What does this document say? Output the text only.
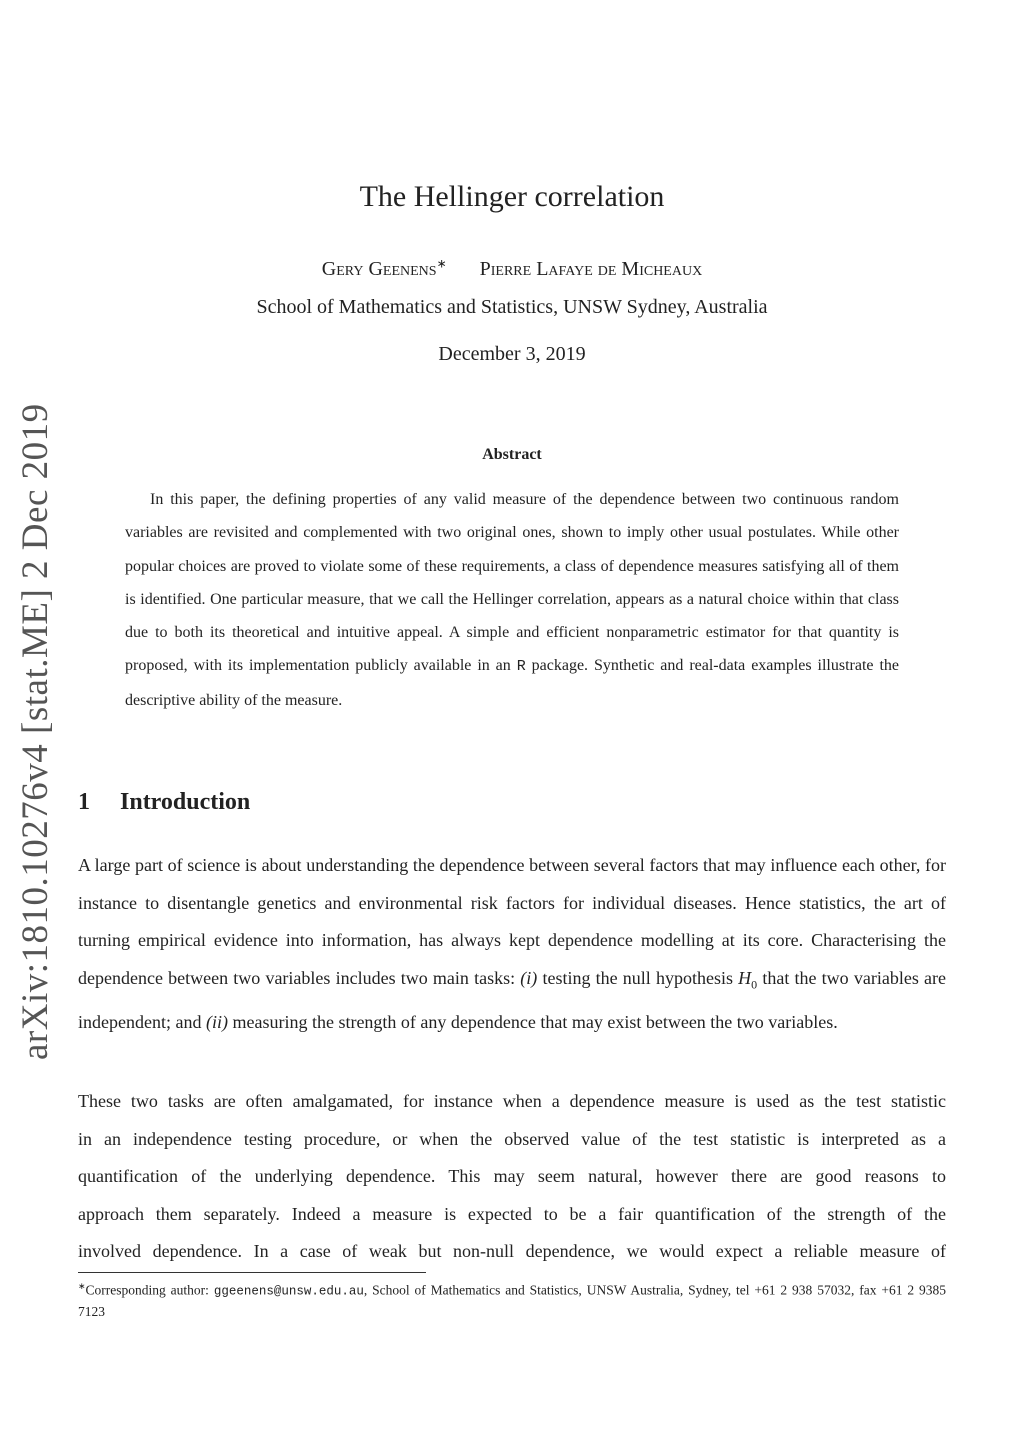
arXiv:1810.10276v4 [stat.ME] 2 Dec 2019
The Hellinger correlation
Gery Geenens∗ Pierre Lafaye de Micheaux
School of Mathematics and Statistics, UNSW Sydney, Australia
December 3, 2019
Abstract
In this paper, the defining properties of any valid measure of the dependence between two continuous random variables are revisited and complemented with two original ones, shown to imply other usual postulates. While other popular choices are proved to violate some of these requirements, a class of dependence measures satisfying all of them is identified. One particular measure, that we call the Hellinger correlation, appears as a natural choice within that class due to both its theoretical and intuitive appeal. A simple and efficient nonparametric estimator for that quantity is proposed, with its implementation publicly available in an R package. Synthetic and real-data examples illustrate the descriptive ability of the measure.
1 Introduction
A large part of science is about understanding the dependence between several factors that may influence each other, for instance to disentangle genetics and environmental risk factors for individual diseases. Hence statistics, the art of turning empirical evidence into information, has always kept dependence modelling at its core. Characterising the dependence between two variables includes two main tasks: (i) testing the null hypothesis $H_0$ that the two variables are independent; and (ii) measuring the strength of any dependence that may exist between the two variables.
These two tasks are often amalgamated, for instance when a dependence measure is used as the test statistic
in an independence testing procedure, or when the observed value of the test statistic is interpreted as a
quantification of the underlying dependence. This may seem natural, however there are good reasons to
approach them separately. Indeed a measure is expected to be a fair quantification of the strength of the
involved dependence. In a case of weak but non-null dependence, we would expect a reliable measure of
∗Corresponding author: ggeenens@unsw.edu.au, School of Mathematics and Statistics, UNSW Australia, Sydney, tel +61 2 938 57032, fax +61 2 9385 7123
